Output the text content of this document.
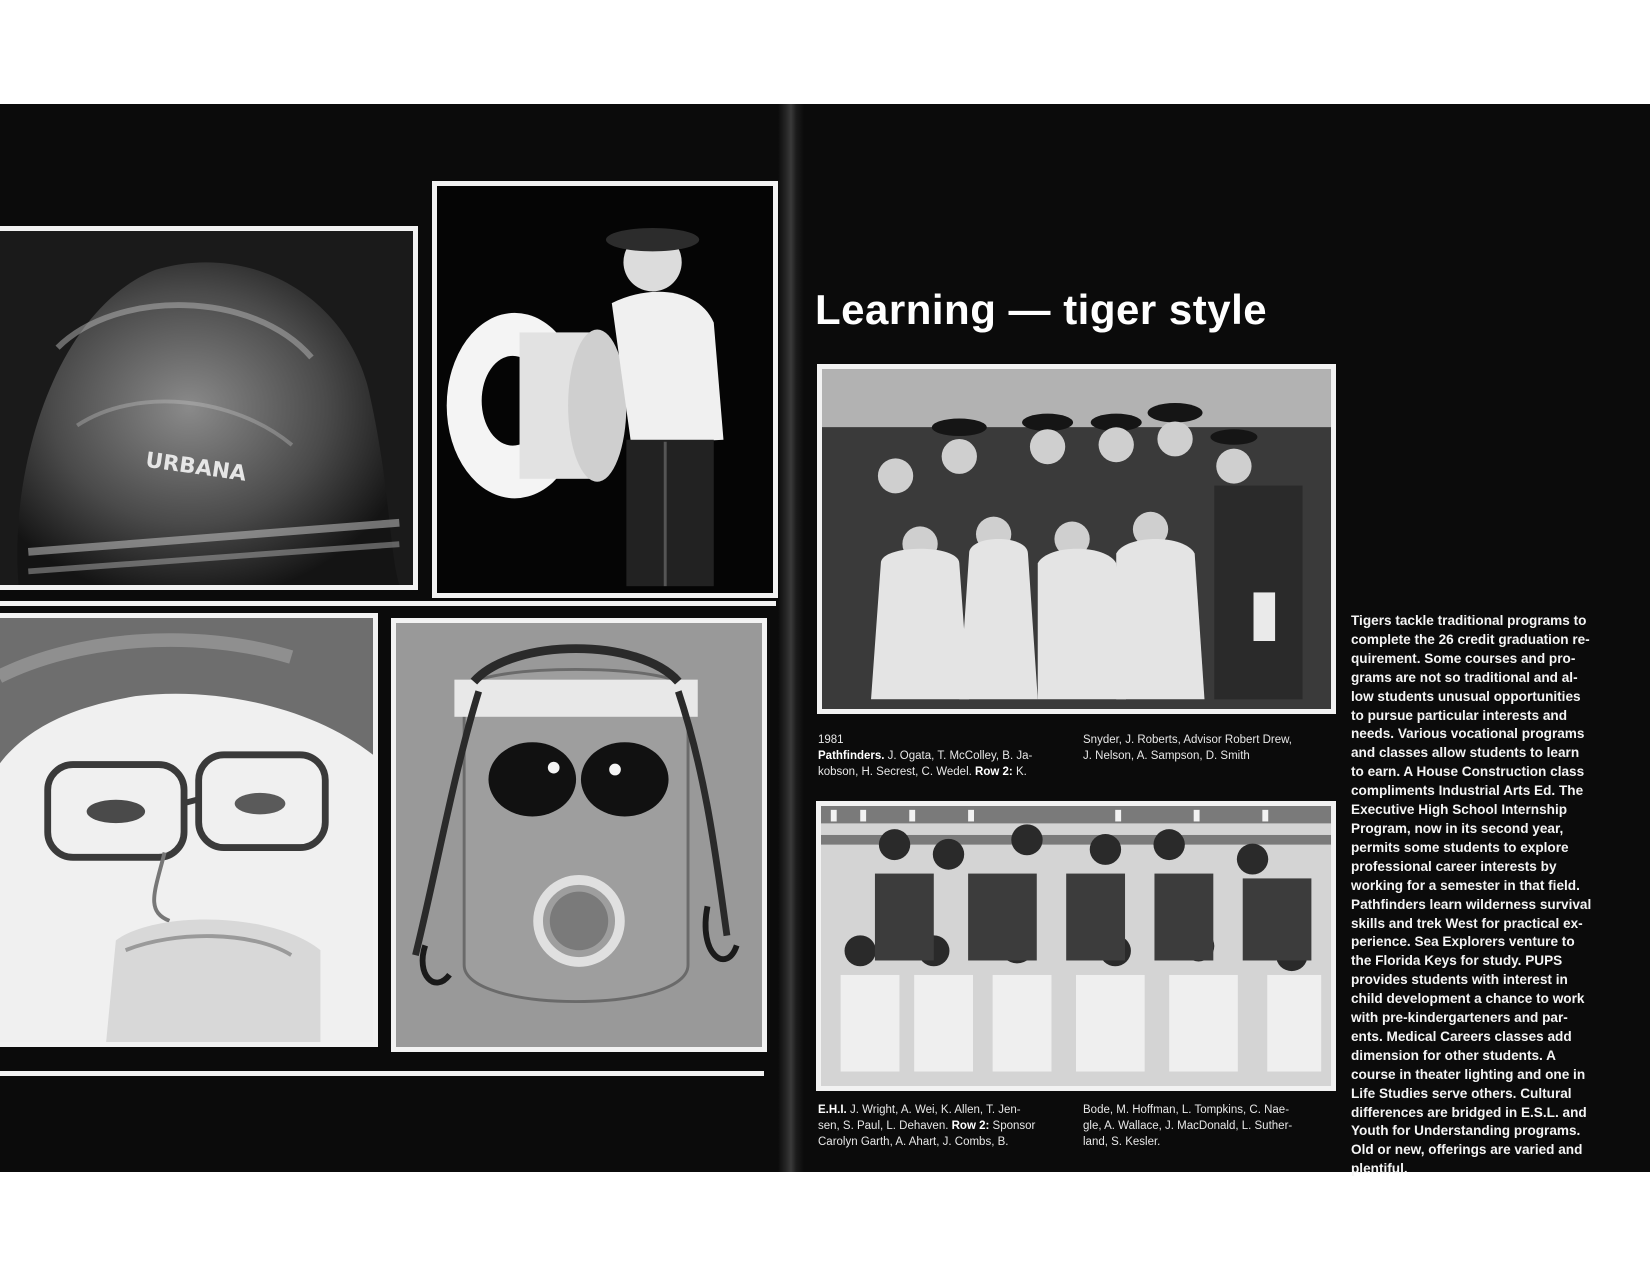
URBANA
Learning — tiger style
1981
Pathfinders. J. Ogata, T. McColley, B. Ja-
kobson, H. Secrest, C. Wedel. Row 2: K.
Snyder, J. Roberts, Advisor Robert Drew,
J. Nelson, A. Sampson, D. Smith
E.H.I. J. Wright, A. Wei, K. Allen, T. Jen-
sen, S. Paul, L. Dehaven. Row 2: Sponsor
Carolyn Garth, A. Ahart, J. Combs, B.
Bode, M. Hoffman, L. Tompkins, C. Nae-
gle, A. Wallace, J. MacDonald, L. Suther-
land, S. Kesler.
Tigers tackle traditional programs to
complete the 26 credit graduation re-
quirement. Some courses and pro-
grams are not so traditional and al-
low students unusual opportunities
to pursue particular interests and
needs. Various vocational programs
and classes allow students to learn
to earn. A House Construction class
compliments Industrial Arts Ed. The
Executive High School Internship
Program, now in its second year,
permits some students to explore
professional career interests by
working for a semester in that field.
Pathfinders learn wilderness survival
skills and trek West for practical ex-
perience. Sea Explorers venture to
the Florida Keys for study. PUPS
provides students with interest in
child development a chance to work
with pre-kindergarteners and par-
ents. Medical Careers classes add
dimension for other students. A
course in theater lighting and one in
Life Studies serve others. Cultural
differences are bridged in E.S.L. and
Youth for Understanding programs.
Old or new, offerings are varied and
plentiful.
